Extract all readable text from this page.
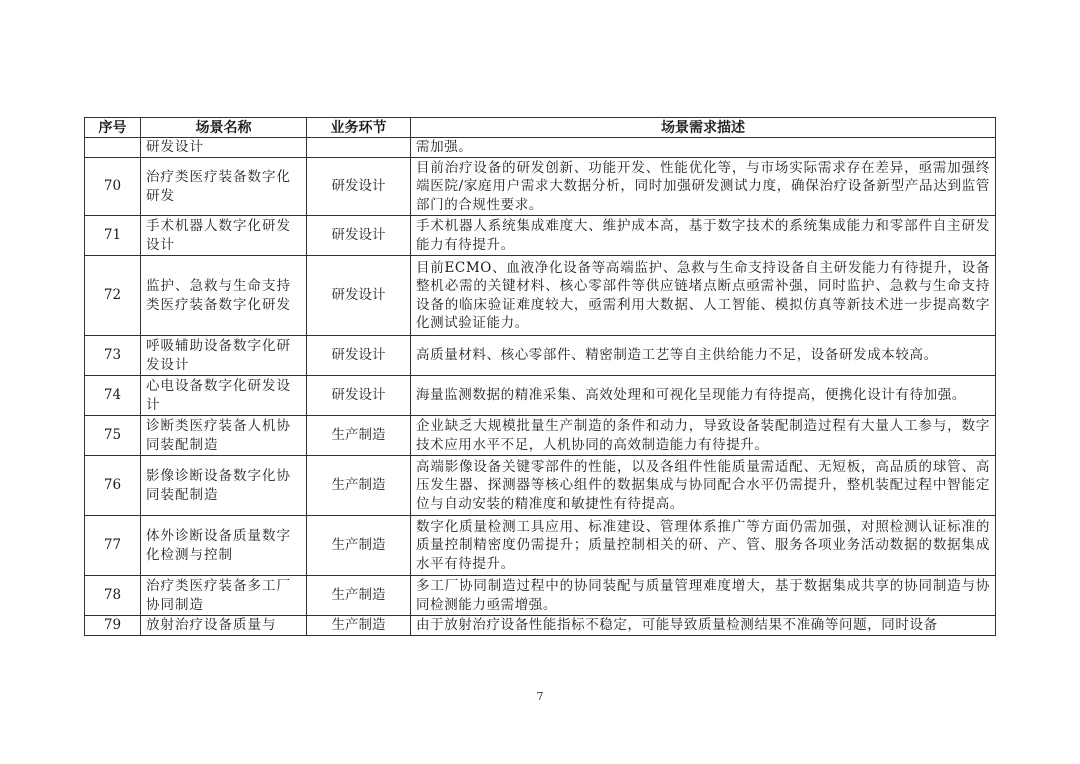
序号	场景名称	业务环节	场景需求描述
	研发设计		需加强。
70	治疗类医疗装备数字化研发	研发设计	目前治疗设备的研发创新、功能开发、性能优化等，与市场实际需求存在差异，亟需加强终端医院/家庭用户需求大数据分析，同时加强研发测试力度，确保治疗设备新型产品达到监管部门的合规性要求。
71	手术机器人数字化研发设计	研发设计	手术机器人系统集成难度大、维护成本高，基于数字技术的系统集成能力和零部件自主研发能力有待提升。
72	监护、急救与生命支持类医疗装备数字化研发	研发设计	目前ECMO、血液净化设备等高端监护、急救与生命支持设备自主研发能力有待提升，设备整机必需的关键材料、核心零部件等供应链堵点断点亟需补强，同时监护、急救与生命支持设备的临床验证难度较大，亟需利用大数据、人工智能、模拟仿真等新技术进一步提高数字化测试验证能力。
73	呼吸辅助设备数字化研发设计	研发设计	高质量材料、核心零部件、精密制造工艺等自主供给能力不足，设备研发成本较高。
74	心电设备数字化研发设计	研发设计	海量监测数据的精准采集、高效处理和可视化呈现能力有待提高，便携化设计有待加强。
75	诊断类医疗装备人机协同装配制造	生产制造	企业缺乏大规模批量生产制造的条件和动力，导致设备装配制造过程有大量人工参与，数字技术应用水平不足，人机协同的高效制造能力有待提升。
76	影像诊断设备数字化协同装配制造	生产制造	高端影像设备关键零部件的性能，以及各组件性能质量需适配、无短板，高品质的球管、高压发生器、探测器等核心组件的数据集成与协同配合水平仍需提升，整机装配过程中智能定位与自动安装的精准度和敏捷性有待提高。
77	体外诊断设备质量数字化检测与控制	生产制造	数字化质量检测工具应用、标准建设、管理体系推广等方面仍需加强，对照检测认证标准的质量控制精密度仍需提升；质量控制相关的研、产、管、服务各项业务活动数据的数据集成水平有待提升。
78	治疗类医疗装备多工厂协同制造	生产制造	多工厂协同制造过程中的协同装配与质量管理难度增大，基于数据集成共享的协同制造与协同检测能力亟需增强。
79	放射治疗设备质量与	生产制造	由于放射治疗设备性能指标不稳定，可能导致质量检测结果不准确等问题，同时设备
7
